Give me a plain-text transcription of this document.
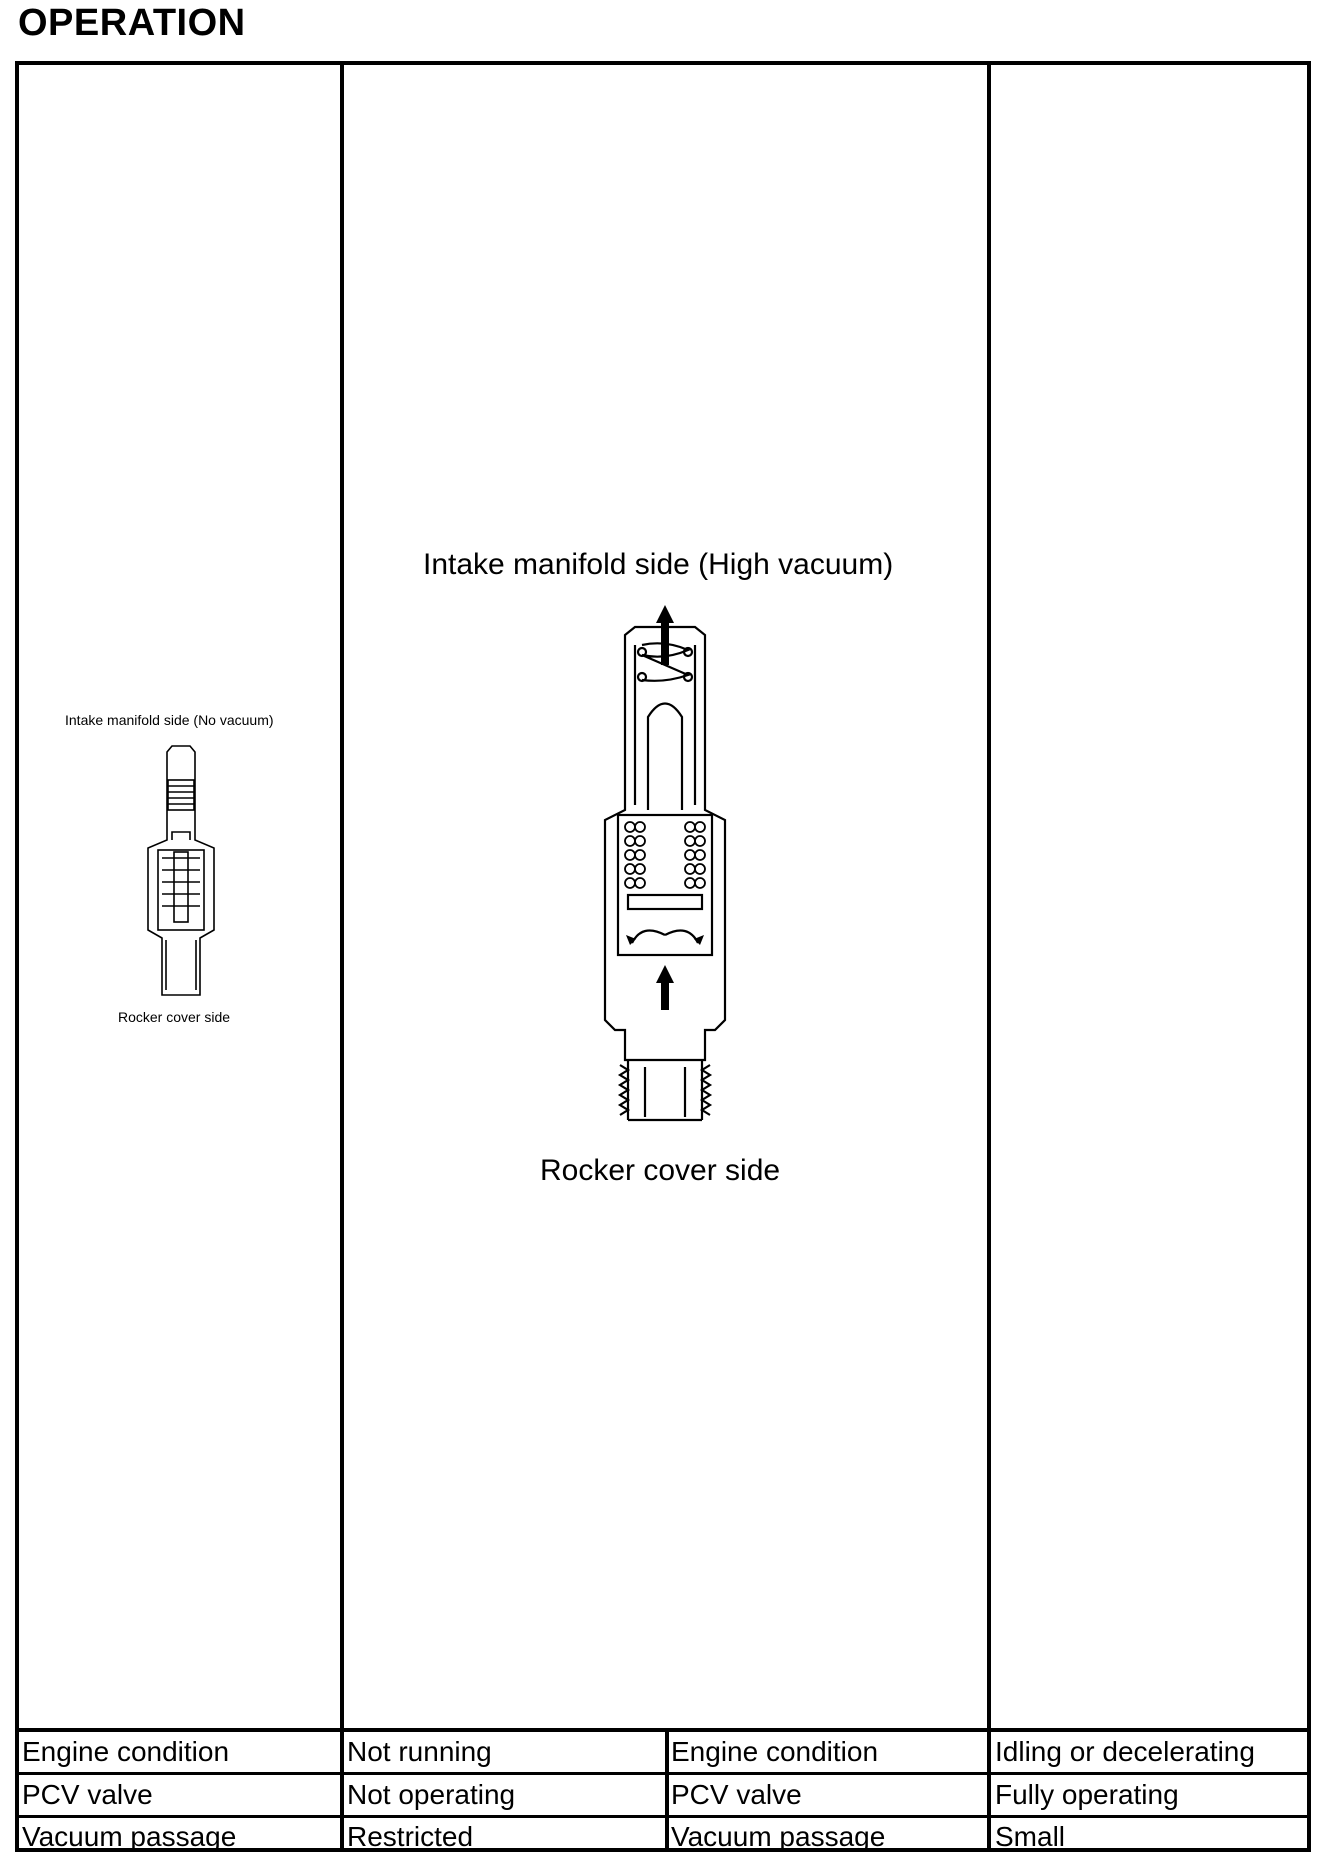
OPERATION
Intake manifold side (No vacuum)
Rocker cover side
Intake manifold side (High vacuum)
Rocker cover side
Engine condition	Not running	Engine condition	Idling or decelerating
PCV valve	Not operating	PCV valve	Fully operating
Vacuum passage	Restricted	Vacuum passage	Small
